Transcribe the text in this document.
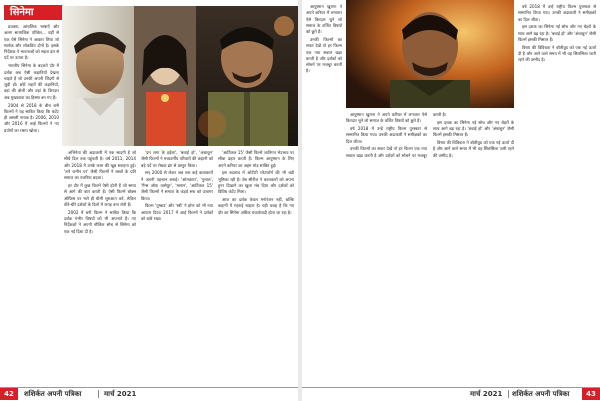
सिनेमा

प्रवक्ता, आंचलिक भाषाएँ और अलग सामाजिक परिवेश... यहीं से एक ऐसे सिनेमा ने आकार लिया जो सार्थक और लोकप्रिय दोनों है। इसके निर्देशक ने भावनाओं को सहज ढंग से पर्दे पर उतारा है।

भारतीय सिनेमा के बदलते दौर में दर्शक अब ऐसी कहानियाँ देखना चाहते हैं जो उनकी अपनी जिंदगी से जुड़ी हों। छोटे शहरों की कहानियाँ, वहां की बोली और वहां के किरदार अब मुख्यधारा का हिस्सा बन गए हैं।

2004 से 2018 के बीच बनी फिल्मों ने यह साबित किया कि कंटेंट ही असली नायक है। 2006, 2010 और 2016 में आई फिल्मों ने नए प्रयोगों का रास्ता खोला।

अभिनेता की अदाकारी में एक सादगी है जो सीधे दिल तक पहुंचती है। वर्ष 2011, 2014 और 2018 में उनके काम की खूब सराहना हुई। 'तारे जमीन पर' जैसी फिल्मों ने बच्चों के प्रति समाज का नजरिया बदला।

हर दौर में कुछ फिल्में ऐसी होती हैं जो समय से आगे की बात करती हैं। ऐसी फिल्में बॉक्स ऑफिस पर भले ही धीमी शुरुआत करें, लेकिन धीरे-धीरे दर्शकों के दिलों में जगह बना लेती हैं।

2002 में बनी फिल्म ने साबित किया कि दर्शक गंभीर विषयों को भी अपनाते हैं। नए निर्देशकों ने अपनी मौलिक सोच से सिनेमा को एक नई दिशा दी है।

'दम लगा के हईशा', 'बधाई हो', 'अंधाधुन' जैसी फिल्मों ने मध्यवर्गीय परिवारों की कहानी को बड़े पर्दे पर रोचक ढंग से प्रस्तुत किया।

सन् 2000 से लेकर अब तक कई कलाकारों ने अपनी पहचान बनाई। 'ओमकारा', 'गुलाल', 'गैंग्स ऑफ वासेपुर', 'मसान', 'आर्टिकल 15' जैसी फिल्मों ने समाज के कड़वे सच को उजागर किया।

फिल्म 'तुम्बाड' और 'स्त्री' ने हॉरर को भी नया आयाम दिया। 2017 में आई फिल्मों ने दर्शकों को बांधे रखा।

'आर्टिकल 15' जैसी फिल्में जातिगत भेदभाव पर सीधा प्रहार करती हैं। फिल्म आयुष्मान के लिए अपने करियर का अहम मोड़ साबित हुई।

इस बदलाव में ओटीटी प्लेटफॉर्म की भी बड़ी भूमिका रही है। वेब सीरीज ने कलाकारों को अपना हुनर दिखाने का खुला मंच दिया और दर्शकों को विविध कंटेंट मिला।

आज का दर्शक केवल मनोरंजन नहीं, बल्कि कहानी में गहराई चाहता है। यही वजह है कि नए दौर का सिनेमा अधिक यथार्थवादी होता जा रहा है।

42	शशिर्कत अपनी पत्रिका	मार्च 2021

आयुष्मान खुराना ने अपने करियर में लगातार ऐसे किरदार चुने जो समाज के वर्जित विषयों को छूते हैं।

उनकी फिल्मों का सफर देखें तो हर फिल्म एक नया सवाल खड़ा करती है और दर्शकों को सोचने पर मजबूर करती है।

वर्ष 2018 में उन्हें राष्ट्रीय फिल्म पुरस्कार से सम्मानित किया गया। उनकी अदाकारी ने समीक्षकों का दिल जीता।

इस दशक का सिनेमा नई सोच और नए चेहरों के साथ आगे बढ़ रहा है। 'बधाई हो' और 'अंधाधुन' जैसी फिल्में इसकी मिसाल हैं।

विषय की विविधता ने बॉलीवुड को एक नई ऊर्जा दी है और आने वाले समय में भी यह सिलसिला जारी रहने की उम्मीद है।

आयुष्मान खुराना ने अपने करियर में लगातार ऐसे किरदार चुने जो समाज के वर्जित विषयों को छूते हैं।

वर्ष 2018 में उन्हें राष्ट्रीय फिल्म पुरस्कार से सम्मानित किया गया। उनकी अदाकारी ने समीक्षकों का दिल जीता।

उनकी फिल्मों का सफर देखें तो हर फिल्म एक नया सवाल खड़ा करती है और दर्शकों को सोचने पर मजबूर करती है।

इस दशक का सिनेमा नई सोच और नए चेहरों के साथ आगे बढ़ रहा है। 'बधाई हो' और 'अंधाधुन' जैसी फिल्में इसकी मिसाल हैं।

विषय की विविधता ने बॉलीवुड को एक नई ऊर्जा दी है और आने वाले समय में भी यह सिलसिला जारी रहने की उम्मीद है।

मार्च 2021 शशिर्कत अपनी पत्रिका	43
